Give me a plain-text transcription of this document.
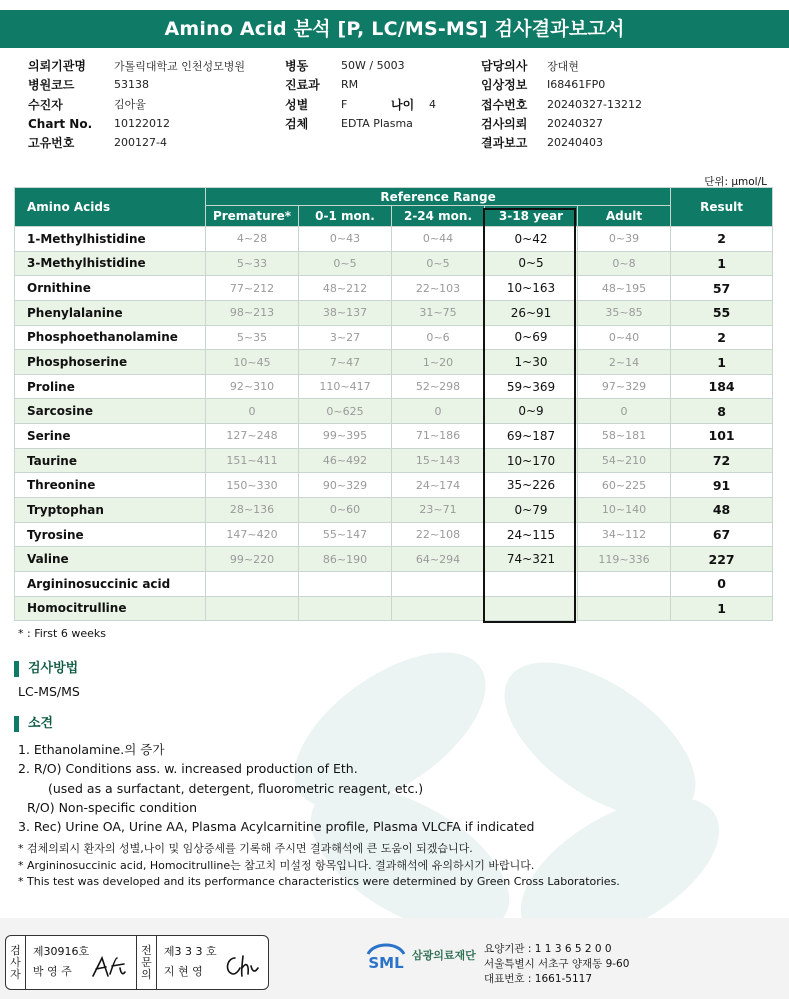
Amino Acid 분석 [P, LC/MS-MS] 검사결과보고서
의뢰기관명	가톨릭대학교 인천성모병원
병원코드	53138
수진자	김아율
Chart No.	10122012
고유번호	200127-4
병동	50W / 5003
진료과	RM
성별	F	나이	4
검체	EDTA Plasma
담당의사	장대현
임상정보	I68461FP0
접수번호	20240327-13212
검사의뢰	20240327
결과보고	20240403
단위: µmol/L
Amino Acids	Reference Range					Result
	Premature*	0-1 mon.	2-24 mon.	3-18 year	Adult	
1-Methylhistidine	4~28	0~43	0~44	0~42	0~39	2
3-Methylhistidine	5~33	0~5	0~5	0~5	0~8	1
Ornithine	77~212	48~212	22~103	10~163	48~195	57
Phenylalanine	98~213	38~137	31~75	26~91	35~85	55
Phosphoethanolamine	5~35	3~27	0~6	0~69	0~40	2
Phosphoserine	10~45	7~47	1~20	1~30	2~14	1
Proline	92~310	110~417	52~298	59~369	97~329	184
Sarcosine	0	0~625	0	0~9	0	8
Serine	127~248	99~395	71~186	69~187	58~181	101
Taurine	151~411	46~492	15~143	10~170	54~210	72
Threonine	150~330	90~329	24~174	35~226	60~225	91
Tryptophan	28~136	0~60	23~71	0~79	10~140	48
Tyrosine	147~420	55~147	22~108	24~115	34~112	67
Valine	99~220	86~190	64~294	74~321	119~336	227
Argininosuccinic acid						0
Homocitrulline						1
* : First 6 weeks
검사방법
LC-MS/MS
소견
1. Ethanolamine.의 증가
2. R/O) Conditions ass. w. increased production of Eth.
(used as a surfactant, detergent, fluorometric reagent, etc.)
R/O) Non-specific condition
3. Rec) Urine OA, Urine AA, Plasma Acylcarnitine profile, Plasma VLCFA if indicated
* 검체의뢰시 환자의 성별,나이 및 임상증세를 기록해 주시면 결과해석에 큰 도움이 되겠습니다.
* Argininosuccinic acid, Homocitrulline는 참고치 미설정 항목입니다. 결과해석에 유의하시기 바랍니다.
* This test was developed and its performance characteristics were determined by Green Cross Laboratories.
검
사
자
제30916호
박 영 주
전
문
의
제3 3 3 호
지 현 영	SML 삼광의료재단 요양기관 : 1 1 3 6 5 2 0 0
서울특별시 서초구 양재동 9-60
대표번호 : 1661-5117
